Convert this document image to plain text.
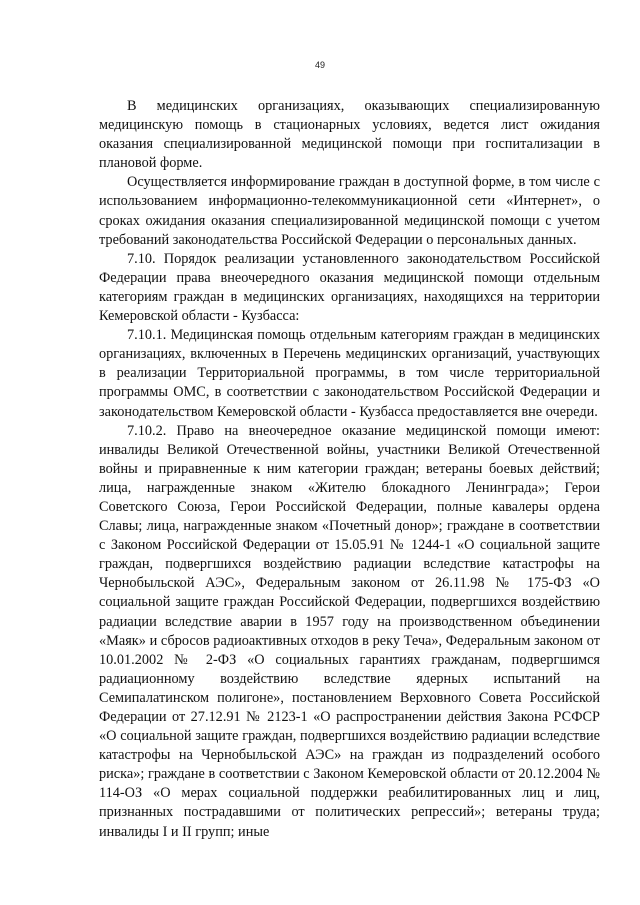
49

В медицинских организациях, оказывающих специализированную медицинскую помощь в стационарных условиях, ведется лист ожидания оказания специализированной медицинской помощи при госпитализации в плановой форме.

Осуществляется информирование граждан в доступной форме, в том числе с использованием информационно-телекоммуникационной сети «Интернет», о сроках ожидания оказания специализированной медицинской помощи с учетом требований законодательства Российской Федерации о персональных данных.

7.10. Порядок реализации установленного законодательством Российской Федерации права внеочередного оказания медицинской помощи отдельным категориям граждан в медицинских организациях, находящихся на территории Кемеровской области - Кузбасса:

7.10.1. Медицинская помощь отдельным категориям граждан в медицинских организациях, включенных в Перечень медицинских организаций, участвующих в реализации Территориальной программы, в том числе территориальной программы ОМС, в соответствии с законодательством Российской Федерации и законодательством Кемеровской области - Кузбасса предоставляется вне очереди.

7.10.2. Право на внеочередное оказание медицинской помощи имеют: инвалиды Великой Отечественной войны, участники Великой Отечественной войны и приравненные к ним категории граждан; ветераны боевых действий; лица, награжденные знаком «Жителю блокадного Ленинграда»; Герои Советского Союза, Герои Российской Федерации, полные кавалеры ордена Славы; лица, награжденные знаком «Почетный донор»; граждане в соответствии с Законом Российской Федерации от 15.05.91 № 1244-1 «О социальной защите граждан, подвергшихся воздействию радиации вследствие катастрофы на Чернобыльской АЭС», Федеральным законом от 26.11.98 № 175-ФЗ «О социальной защите граждан Российской Федерации, подвергшихся воздействию радиации вследствие аварии в 1957 году на производственном объединении «Маяк» и сбросов радиоактивных отходов в реку Теча», Федеральным законом от 10.01.2002 № 2-ФЗ «О социальных гарантиях гражданам, подвергшимся радиационному воздействию вследствие ядерных испытаний на Семипалатинском полигоне», постановлением Верховного Совета Российской Федерации от 27.12.91 № 2123-1 «О распространении действия Закона РСФСР «О социальной защите граждан, подвергшихся воздействию радиации вследствие катастрофы на Чернобыльской АЭС» на граждан из подразделений особого риска»; граждане в соответствии с Законом Кемеровской области от 20.12.2004 № 114-ОЗ «О мерах социальной поддержки реабилитированных лиц и лиц, признанных пострадавшими от политических репрессий»; ветераны труда; инвалиды I и II групп; иные
